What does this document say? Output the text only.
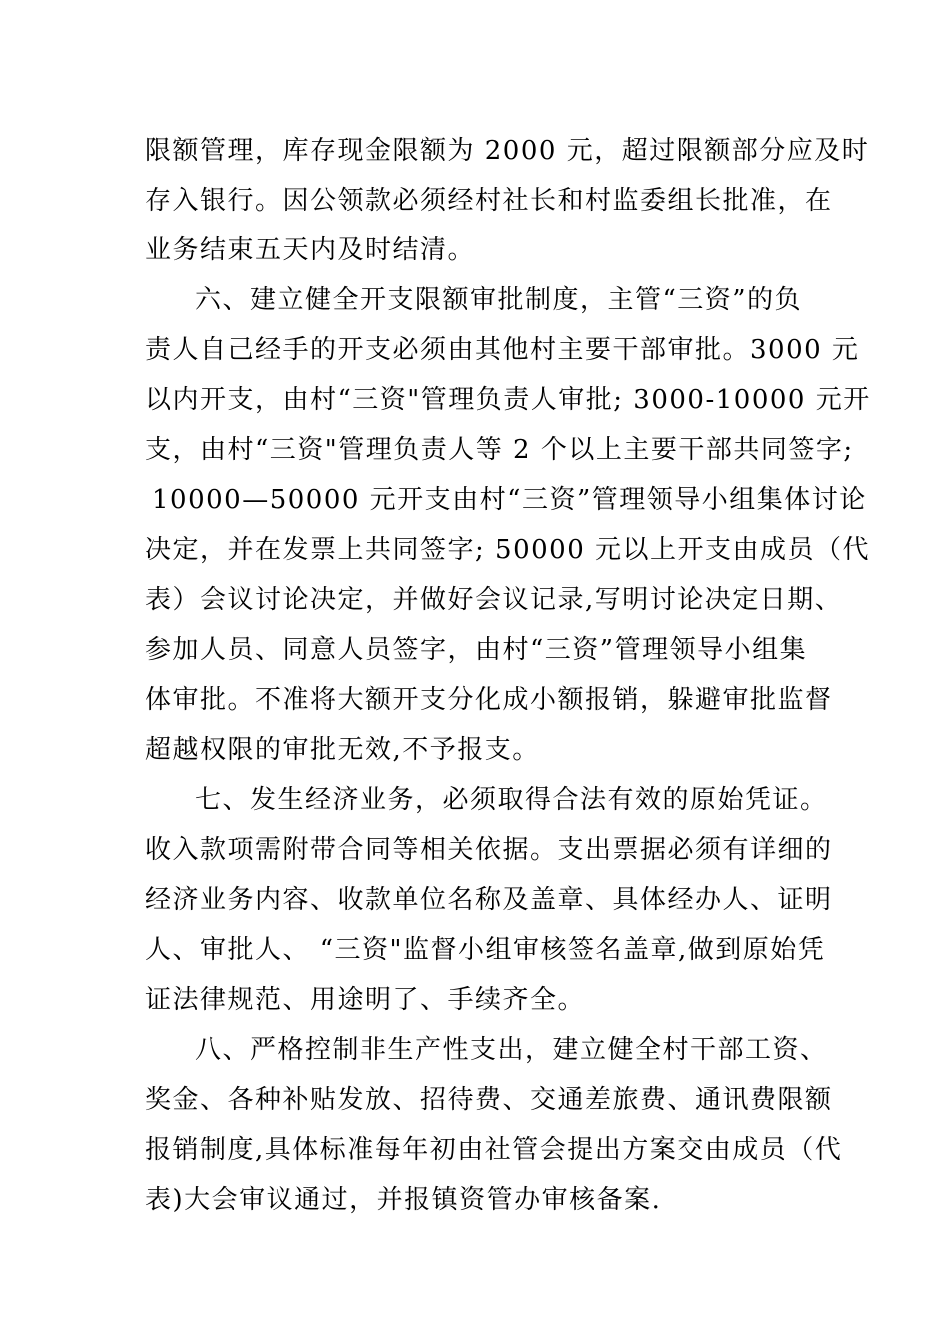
限额管理，库存现金限额为 2000 元，超过限额部分应及时
存入银行。因公领款必须经村社长和村监委组长批准，在
业务结束五天内及时结清。
六、建立健全开支限额审批制度，主管“三资”的负
责人自己经手的开支必须由其他村主要干部审批。3000 元
以内开支，由村“三资"管理负责人审批; 3000-10000 元开
支，由村“三资"管理负责人等 2 个以上主要干部共同签字;
10000—50000 元开支由村“三资”管理领导小组集体讨论
决定，并在发票上共同签字; 50000 元以上开支由成员（代
表）会议讨论决定，并做好会议记录,写明讨论决定日期、
参加人员、同意人员签字，由村“三资”管理领导小组集
体审批。不准将大额开支分化成小额报销，躲避审批监督
超越权限的审批无效,不予报支。
七、发生经济业务，必须取得合法有效的原始凭证。
收入款项需附带合同等相关依据。支出票据必须有详细的
经济业务内容、收款单位名称及盖章、具体经办人、证明
人、审批人、 “三资"监督小组审核签名盖章,做到原始凭
证法律规范、用途明了、手续齐全。
八、严格控制非生产性支出，建立健全村干部工资、
奖金、各种补贴发放、招待费、交通差旅费、通讯费限额
报销制度,具体标准每年初由社管会提出方案交由成员（代
表)大会审议通过，并报镇资管办审核备案.
